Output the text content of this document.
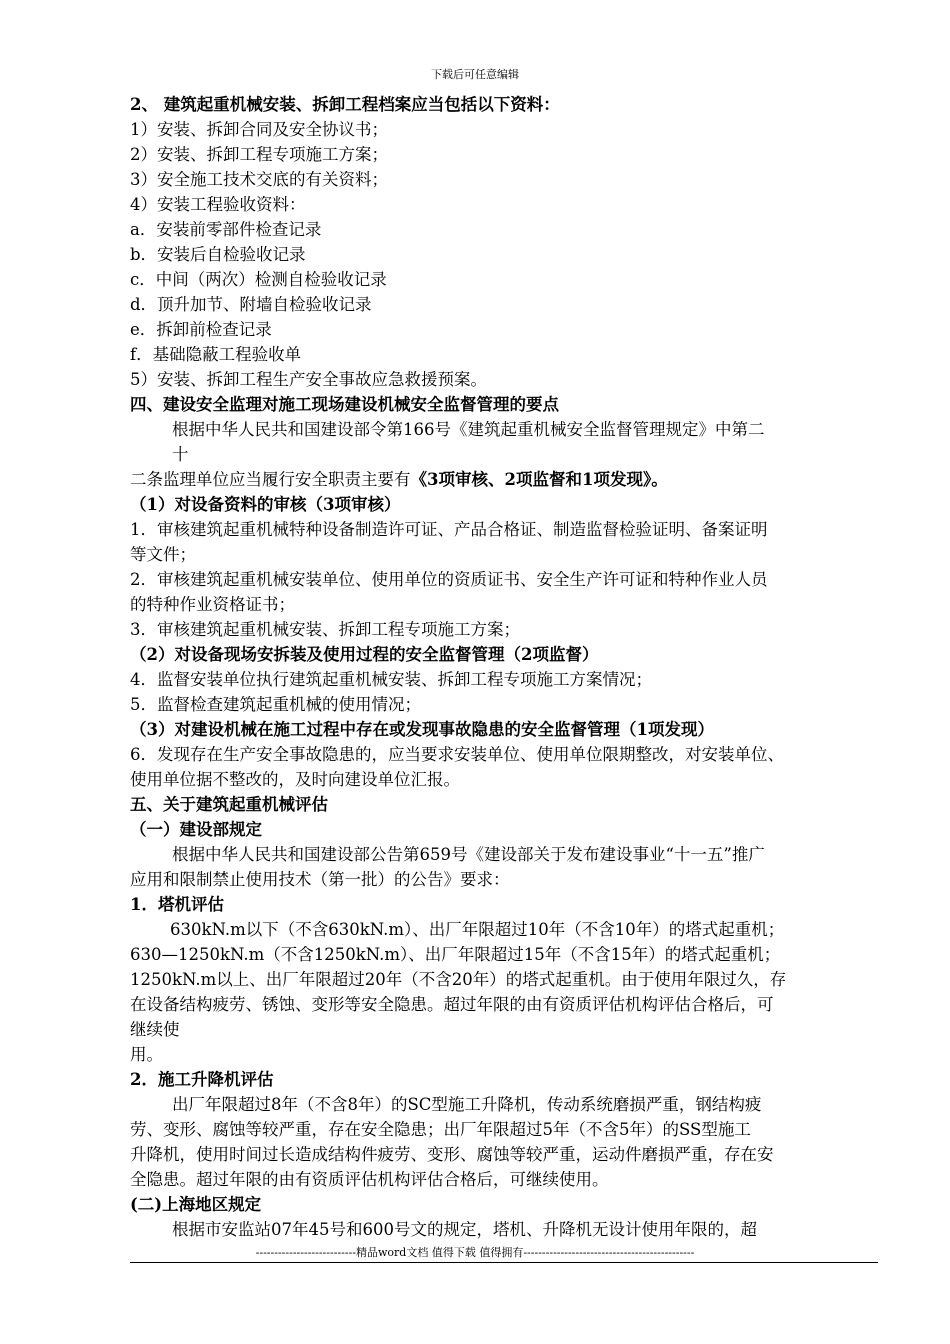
下载后可任意编辑
2、 建筑起重机械安装、拆卸工程档案应当包括以下资料：
1）安装、拆卸合同及安全协议书；
2）安装、拆卸工程专项施工方案；
3）安全施工技术交底的有关资料；
4）安装工程验收资料：
a．安装前零部件检查记录
b．安装后自检验收记录
c．中间（两次）检测自检验收记录
d．顶升加节、附墙自检验收记录
e．拆卸前检查记录
f．基础隐蔽工程验收单
5）安装、拆卸工程生产安全事故应急救援预案。
四、建设安全监理对施工现场建设机械安全监督管理的要点
根据中华人民共和国建设部令第166号《建筑起重机械安全监督管理规定》中第二
十
二条监理单位应当履行安全职责主要有《3项审核、2项监督和1项发现》。
（1）对设备资料的审核（3项审核）
1．审核建筑起重机械特种设备制造许可证、产品合格证、制造监督检验证明、备案证明
等文件；
2．审核建筑起重机械安装单位、使用单位的资质证书、安全生产许可证和特种作业人员
的特种作业资格证书；
3．审核建筑起重机械安装、拆卸工程专项施工方案；
（2）对设备现场安拆装及使用过程的安全监督管理（2项监督）
4．监督安装单位执行建筑起重机械安装、拆卸工程专项施工方案情况；
5．监督检查建筑起重机械的使用情况；
（3）对建设机械在施工过程中存在或发现事故隐患的安全监督管理（1项发现）
6．发现存在生产安全事故隐患的，应当要求安装单位、使用单位限期整改，对安装单位、
使用单位据不整改的，及时向建设单位汇报。
五、关于建筑起重机械评估
（一）建设部规定
根据中华人民共和国建设部公告第659号《建设部关于发布建设事业“十一五”推广
应用和限制禁止使用技术（第一批）的公告》要求：
1．塔机评估
630kN.m以下（不含630kN.m）、出厂年限超过10年（不含10年）的塔式起重机；
630—1250kN.m（不含1250kN.m）、出厂年限超过15年（不含15年）的塔式起重机；
1250kN.m以上、出厂年限超过20年（不含20年）的塔式起重机。由于使用年限过久，存
在设备结构疲劳、锈蚀、变形等安全隐患。超过年限的由有资质评估机构评估合格后，可
继续使
用。
2．施工升降机评估
出厂年限超过8年（不含8年）的SC型施工升降机，传动系统磨损严重，钢结构疲
劳、变形、腐蚀等较严重，存在安全隐患；出厂年限超过5年（不含5年）的SS型施工
升降机，使用时间过长造成结构件疲劳、变形、腐蚀等较严重，运动件磨损严重，存在安
全隐患。超过年限的由有资质评估机构评估合格后，可继续使用。
(二)上海地区规定
根据市安监站07年45号和600号文的规定，塔机、升降机无设计使用年限的，超
---------------------------精品word文档 值得下载 值得拥有----------------------------------------------
